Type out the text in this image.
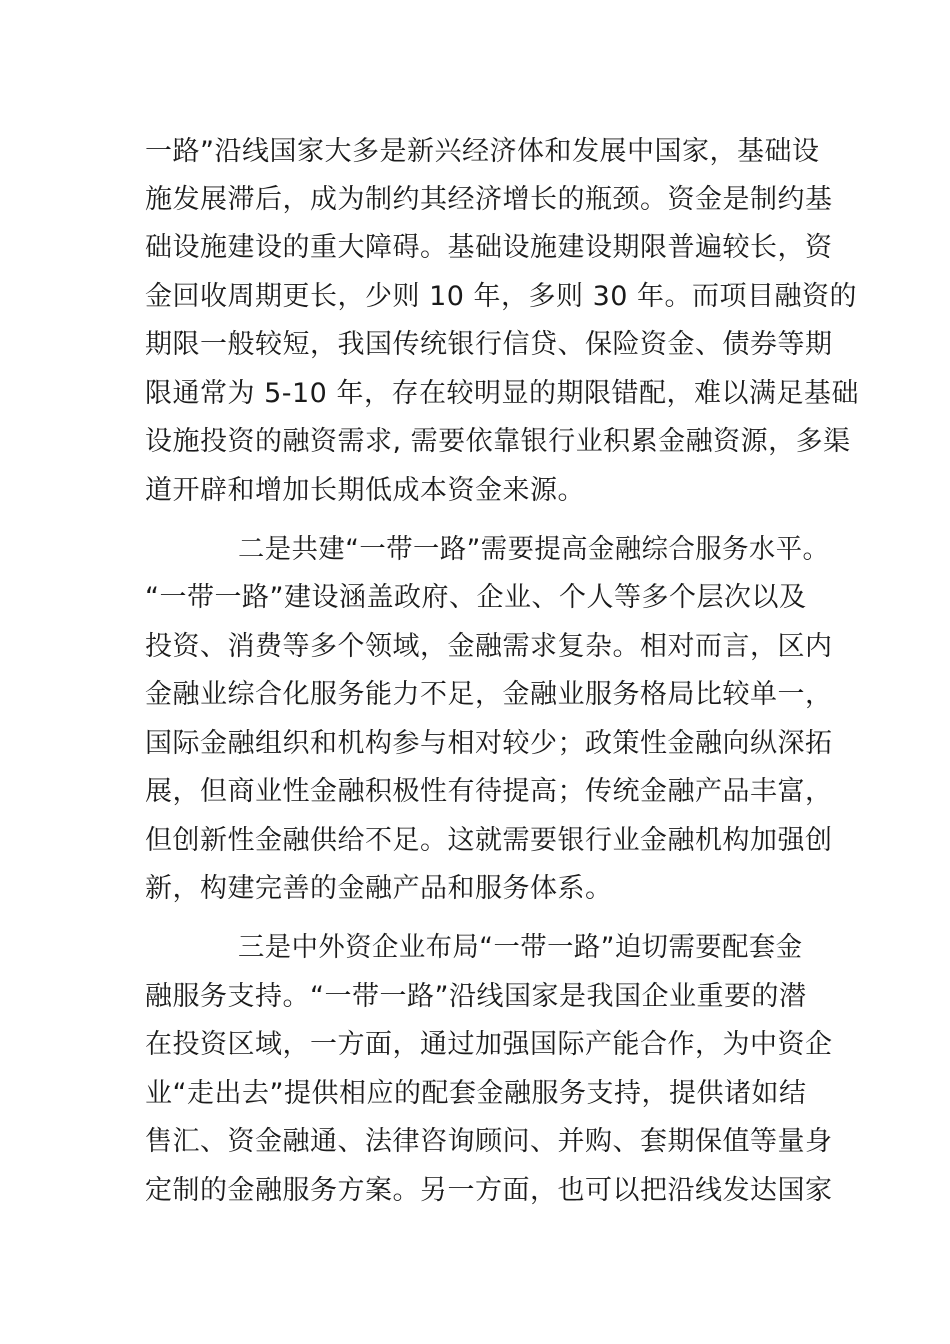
一路”沿线国家大多是新兴经济体和发展中国家，基础设
施发展滞后，成为制约其经济增长的瓶颈。资金是制约基
础设施建设的重大障碍。基础设施建设期限普遍较长，资
金回收周期更长，少则 10 年，多则 30 年。而项目融资的
期限一般较短，我国传统银行信贷、保险资金、债券等期
限通常为 5-10 年，存在较明显的期限错配，难以满足基础
设施投资的融资需求, 需要依靠银行业积累金融资源，多渠
道开辟和增加长期低成本资金来源。
二是共建“一带一路”需要提高金融综合服务水平。
“一带一路”建设涵盖政府、企业、个人等多个层次以及
投资、消费等多个领域，金融需求复杂。相对而言，区内
金融业综合化服务能力不足，金融业服务格局比较单一，
国际金融组织和机构参与相对较少；政策性金融向纵深拓
展，但商业性金融积极性有待提高；传统金融产品丰富，
但创新性金融供给不足。这就需要银行业金融机构加强创
新，构建完善的金融产品和服务体系。
三是中外资企业布局“一带一路”迫切需要配套金
融服务支持。“一带一路”沿线国家是我国企业重要的潜
在投资区域，一方面，通过加强国际产能合作，为中资企
业“走出去”提供相应的配套金融服务支持，提供诸如结
售汇、资金融通、法律咨询顾问、并购、套期保值等量身
定制的金融服务方案。另一方面，也可以把沿线发达国家
